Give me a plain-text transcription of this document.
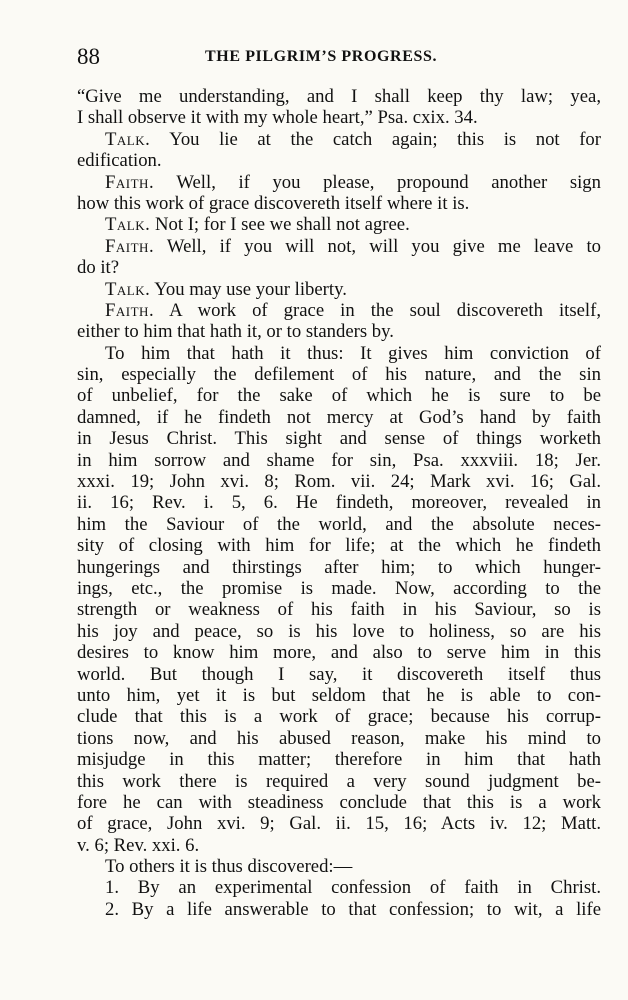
88	THE PILGRIM’S PROGRESS.
“Give me understanding, and I shall keep thy law; yea,
I shall observe it with my whole heart,” Psa. cxix. 34.
Talk. You lie at the catch again; this is not for
edification.
Faith. Well, if you please, propound another sign
how this work of grace discovereth itself where it is.
Talk. Not I; for I see we shall not agree.
Faith. Well, if you will not, will you give me leave to
do it?
Talk. You may use your liberty.
Faith. A work of grace in the soul discovereth itself,
either to him that hath it, or to standers by.
To him that hath it thus: It gives him conviction of
sin, especially the defilement of his nature, and the sin
of unbelief, for the sake of which he is sure to be
damned, if he findeth not mercy at God’s hand by faith
in Jesus Christ. This sight and sense of things worketh
in him sorrow and shame for sin, Psa. xxxviii. 18; Jer.
xxxi. 19; John xvi. 8; Rom. vii. 24; Mark xvi. 16; Gal.
ii. 16; Rev. i. 5, 6. He findeth, moreover, revealed in
him the Saviour of the world, and the absolute neces-
sity of closing with him for life; at the which he findeth
hungerings and thirstings after him; to which hunger-
ings, etc., the promise is made. Now, according to the
strength or weakness of his faith in his Saviour, so is
his joy and peace, so is his love to holiness, so are his
desires to know him more, and also to serve him in this
world. But though I say, it discovereth itself thus
unto him, yet it is but seldom that he is able to con-
clude that this is a work of grace; because his corrup-
tions now, and his abused reason, make his mind to
misjudge in this matter; therefore in him that hath
this work there is required a very sound judgment be-
fore he can with steadiness conclude that this is a work
of grace, John xvi. 9; Gal. ii. 15, 16; Acts iv. 12; Matt.
v. 6; Rev. xxi. 6.
To others it is thus discovered:—
1. By an experimental confession of faith in Christ.
2. By a life answerable to that confession; to wit, a life
